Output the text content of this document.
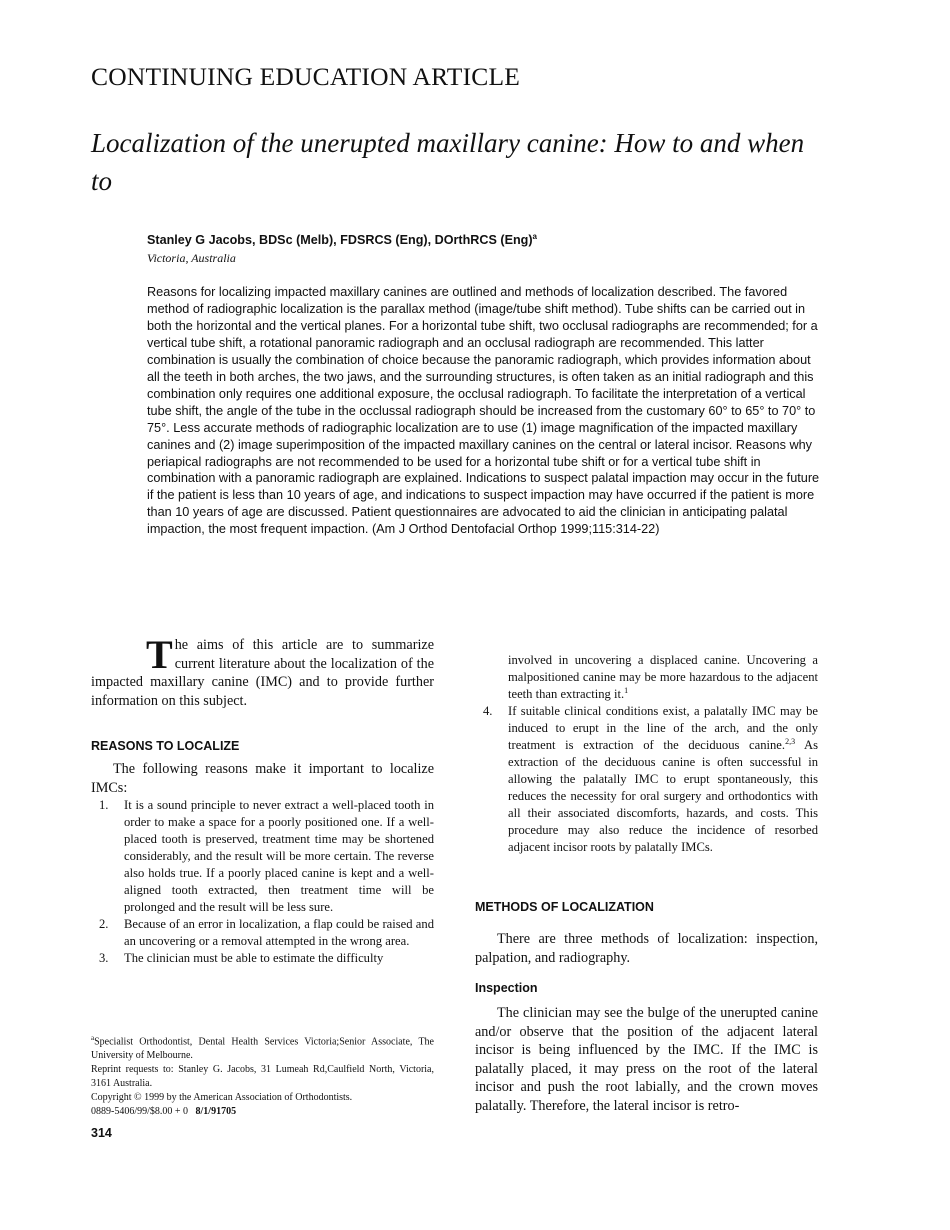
CONTINUING EDUCATION ARTICLE
Localization of the unerupted maxillary canine: How to and when to
Stanley G Jacobs, BDSc (Melb), FDSRCS (Eng), DOrthRCS (Eng)$^a$
Victoria, Australia
Reasons for localizing impacted maxillary canines are outlined and methods of localization described. The favored method of radiographic localization is the parallax method (image/tube shift method). Tube shifts can be carried out in both the horizontal and the vertical planes. For a horizontal tube shift, two occlusal radiographs are recommended; for a vertical tube shift, a rotational panoramic radiograph and an occlusal radiograph are recommended. This latter combination is usually the combination of choice because the panoramic radiograph, which provides information about all the teeth in both arches, the two jaws, and the surrounding structures, is often taken as an initial radiograph and this combination only requires one additional exposure, the occlusal radiograph. To facilitate the interpretation of a vertical tube shift, the angle of the tube in the occlussal radiograph should be increased from the customary 60° to 65° to 70° to 75°. Less accurate methods of radiographic localization are to use (1) image magnification of the impacted maxillary canines and (2) image superimposition of the impacted maxillary canines on the central or lateral incisor. Reasons why periapical radiographs are not recommended to be used for a horizontal tube shift or for a vertical tube shift in combination with a panoramic radiograph are explained. Indications to suspect palatal impaction may occur in the future if the patient is less than 10 years of age, and indications to suspect impaction may have occurred if the patient is more than 10 years of age are discussed. Patient questionnaires are advocated to aid the clinician in anticipating palatal impaction, the most frequent impaction. (Am J Orthod Dentofacial Orthop 1999;115:314-22)

The aims of this article are to summarize current literature about the localization of the impacted maxillary canine (IMC) and to provide further information on this subject.

REASONS TO LOCALIZE

The following reasons make it important to localize IMCs:

1. It is a sound principle to never extract a well-placed tooth in order to make a space for a poorly positioned one. If a well-placed tooth is preserved, treatment time may be shortened considerably, and the result will be more certain. The reverse also holds true. If a poorly placed canine is kept and a well-aligned tooth extracted, then treatment time will be prolonged and the result will be less sure.
2. Because of an error in localization, a flap could be raised and an uncovering or a removal attempted in the wrong area.
3. The clinician must be able to estimate the difficulty

$^a$Specialist Orthodontist, Dental Health Services Victoria;Senior Associate, The University of Melbourne.

Reprint requests to: Stanley G. Jacobs, 31 Lumeah Rd,Caulfield North, Victoria, 3161 Australia.

Copyright © 1999 by the American Association of Orthodontists.

0889-5406/99/$8.00 + 0 8/1/91705

314
involved in uncovering a displaced canine. Uncovering a malpositioned canine may be more hazardous to the adjacent teeth than extracting it.$^1$
4. If suitable clinical conditions exist, a palatally IMC may be induced to erupt in the line of the arch, and the only treatment is extraction of the deciduous canine.$^{2,3}$ As extraction of the deciduous canine is often successful in allowing the palatally IMC to erupt spontaneously, this reduces the necessity for oral surgery and orthodontics with all their associated discomforts, hazards, and costs. This procedure may also reduce the incidence of resorbed adjacent incisor roots by palatally IMCs.
METHODS OF LOCALIZATION

There are three methods of localization: inspection, palpation, and radiography.

Inspection

The clinician may see the bulge of the unerupted canine and/or observe that the position of the adjacent lateral incisor is being influenced by the IMC. If the IMC is palatally placed, it may press on the root of the lateral incisor and push the root labially, and the crown moves palatally. Therefore, the lateral incisor is retro-
